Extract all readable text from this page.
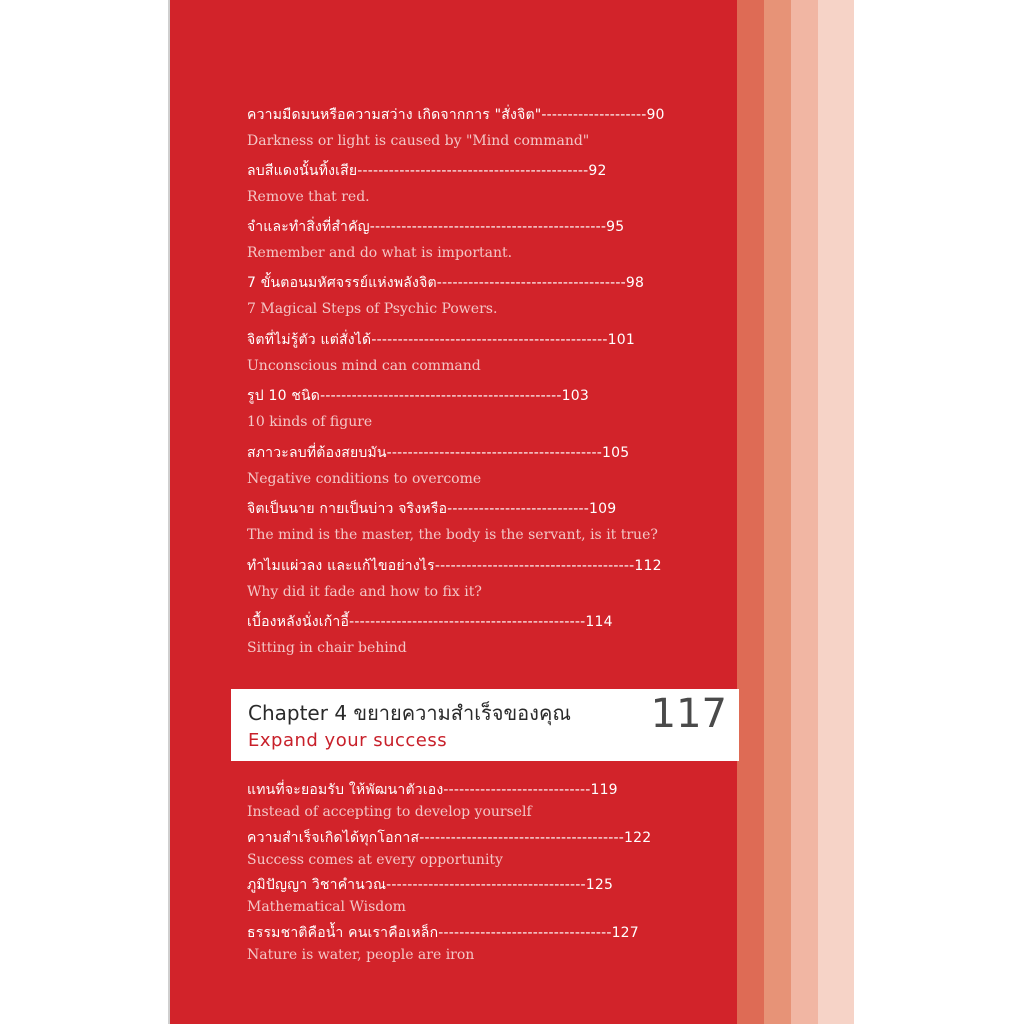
ความมืดมนหรือความสว่าง เกิดจากการ "สั่งจิต"--------------------90
Darkness or light is caused by "Mind command"
ลบสีแดงนั้นทิ้งเสีย--------------------------------------------92
Remove that red.
จำและทำสิ่งที่สำคัญ---------------------------------------------95
Remember and do what is important.
7 ขั้นตอนมหัศจรรย์แห่งพลังจิต------------------------------------98
7 Magical Steps of Psychic Powers.
จิตที่ไม่รู้ตัว แต่สั่งได้---------------------------------------------101
Unconscious mind can command
รูป 10 ชนิด----------------------------------------------103
10 kinds of figure
สภาวะลบที่ต้องสยบมัน-----------------------------------------105
Negative conditions to overcome
จิตเป็นนาย กายเป็นบ่าว จริงหรือ---------------------------109
The mind is the master, the body is the servant, is it true?
ทำไมแผ่วลง และแก้ไขอย่างไร--------------------------------------112
Why did it fade and how to fix it?
เบื้องหลังนั่งเก้าอี้---------------------------------------------114
Sitting in chair behind
Chapter 4 ขยายความสำเร็จของคุณ
Expand your success
117
แทนที่จะยอมรับ ให้พัฒนาตัวเอง----------------------------119
Instead of accepting to develop yourself
ความสำเร็จเกิดได้ทุกโอกาส---------------------------------------122
Success comes at every opportunity
ภูมิปัญญา วิชาคำนวณ--------------------------------------125
Mathematical Wisdom
ธรรมชาติคือน้ำ คนเราคือเหล็ก---------------------------------127
Nature is water, people are iron
